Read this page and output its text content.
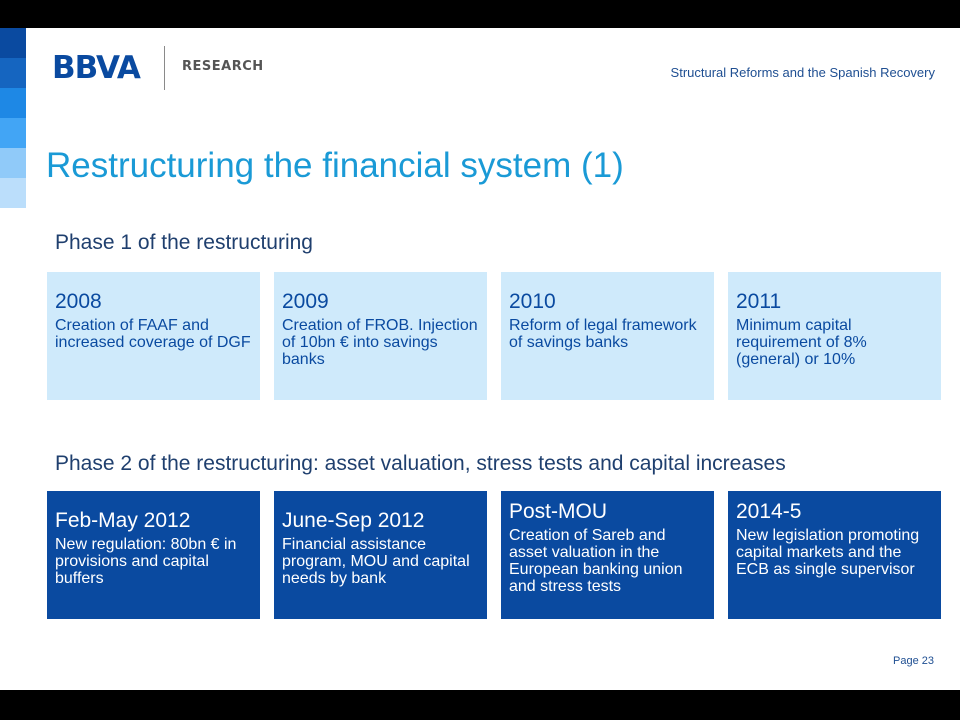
BBVA	RESEARCH	Structural Reforms and the Spanish Recovery
Restructuring the financial system (1)
Phase 1 of the restructuring
2008
Creation of FAAF and increased coverage of DGF
2009
Creation of FROB. Injection of 10bn € into savings banks
2010
Reform of legal framework of savings banks
2011
Minimum capital requirement of 8% (general) or 10%
Phase 2 of the restructuring: asset valuation, stress tests and capital increases
Feb-May 2012
New regulation: 80bn € in provisions and capital buffers
June-Sep 2012
Financial assistance program, MOU and capital needs by bank
Post-MOU
Creation of Sareb and asset valuation in the European banking union and stress tests
2014-5
New legislation promoting capital markets and the ECB as single supervisor
Page 23
